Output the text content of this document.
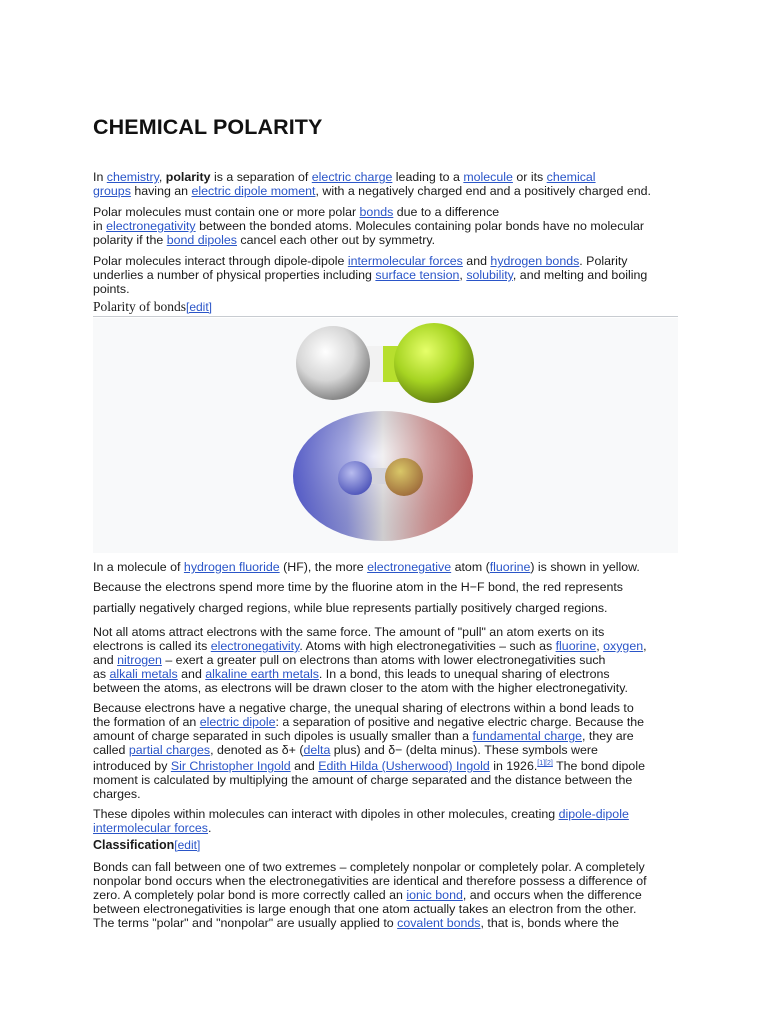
CHEMICAL POLARITY

In chemistry, polarity is a separation of electric charge leading to a molecule or its chemical
groups having an electric dipole moment, with a negatively charged end and a positively charged end.

Polar molecules must contain one or more polar bonds due to a difference
in electronegativity between the bonded atoms. Molecules containing polar bonds have no molecular
polarity if the bond dipoles cancel each other out by symmetry.

Polar molecules interact through dipole-dipole intermolecular forces and hydrogen bonds. Polarity
underlies a number of physical properties including surface tension, solubility, and melting and boiling
points.

Polarity of bonds[edit]

In a molecule of hydrogen fluoride (HF), the more electronegative atom (fluorine) is shown in yellow.

Because the electrons spend more time by the fluorine atom in the H−F bond, the red represents

partially negatively charged regions, while blue represents partially positively charged regions.

Not all atoms attract electrons with the same force. The amount of "pull" an atom exerts on its
electrons is called its electronegativity. Atoms with high electronegativities – such as fluorine, oxygen,
and nitrogen – exert a greater pull on electrons than atoms with lower electronegativities such
as alkali metals and alkaline earth metals. In a bond, this leads to unequal sharing of electrons
between the atoms, as electrons will be drawn closer to the atom with the higher electronegativity.

Because electrons have a negative charge, the unequal sharing of electrons within a bond leads to
the formation of an electric dipole: a separation of positive and negative electric charge. Because the
amount of charge separated in such dipoles is usually smaller than a fundamental charge, they are
called partial charges, denoted as δ+ (delta plus) and δ− (delta minus). These symbols were
introduced by Sir Christopher Ingold and Edith Hilda (Usherwood) Ingold in 1926.[1][2] The bond dipole
moment is calculated by multiplying the amount of charge separated and the distance between the
charges.

These dipoles within molecules can interact with dipoles in other molecules, creating dipole-dipole
intermolecular forces.

Classification[edit]

Bonds can fall between one of two extremes – completely nonpolar or completely polar. A completely
nonpolar bond occurs when the electronegativities are identical and therefore possess a difference of
zero. A completely polar bond is more correctly called an ionic bond, and occurs when the difference
between electronegativities is large enough that one atom actually takes an electron from the other.
The terms "polar" and "nonpolar" are usually applied to covalent bonds, that is, bonds where the
